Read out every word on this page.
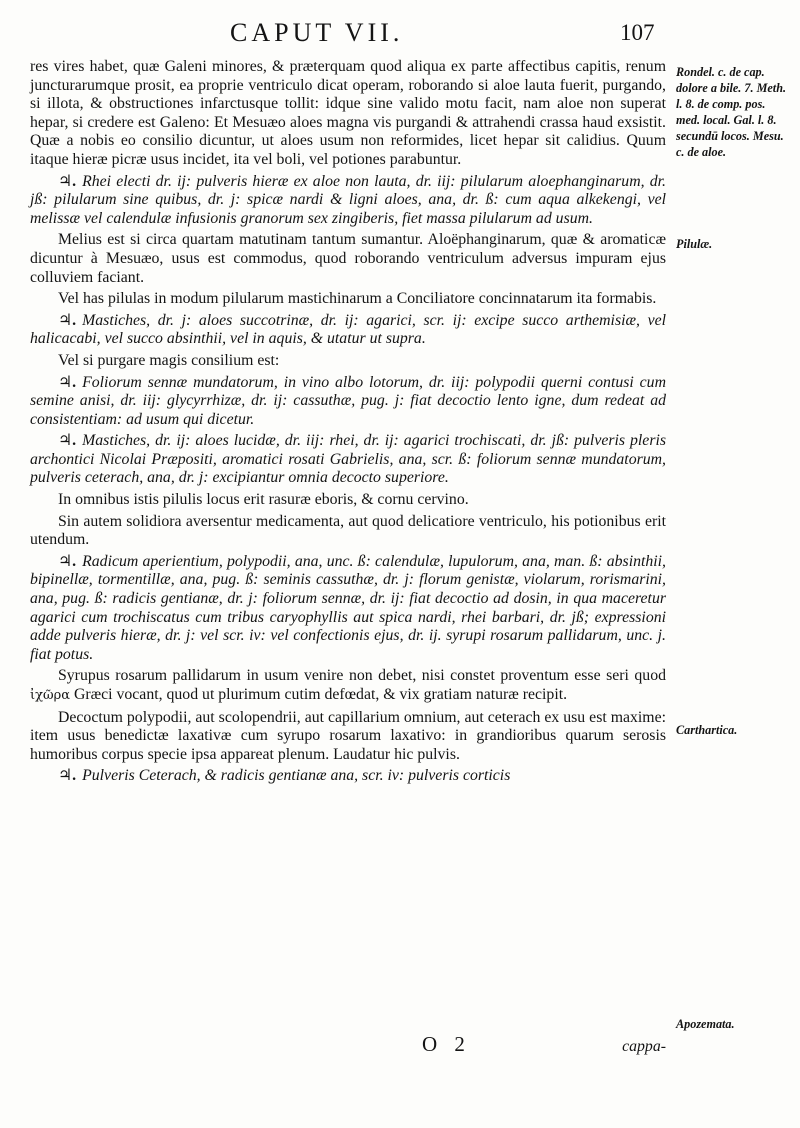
CAPUT VII.	107

res vires habet, quæ Galeni minores, & præterquam quod aliqua ex parte affectibus capitis, renum juncturarumque prosit, ea proprie ventriculo dicat operam, roborando si aloe lauta fuerit, purgando, si illota, & obstructiones infarctusque tollit: idque sine valido motu facit, nam aloe non superat hepar, si credere est Galeno: Et Mesuæo aloes magna vis purgandi & attrahendi crassa haud exsistit. Quæ a nobis eo consilio dicuntur, ut aloes usum non reformides, licet hepar sit calidius. Quum itaque hieræ picræ usus incidet, ita vel boli, vel potiones parabuntur.

♃. Rhei electi dr. ij: pulveris hieræ ex aloe non lauta, dr. iij: pilularum aloephanginarum, dr. jß: pilularum sine quibus, dr. j: spicæ nardi & ligni aloes, ana, dr. ß: cum aqua alkekengi, vel melissæ vel calendulæ infusionis granorum sex zingiberis, fiet massa pilularum ad usum.

Melius est si circa quartam matutinam tantum sumantur. Aloëphanginarum, quæ & aromaticæ dicuntur à Mesuæo, usus est commodus, quod roborando ventriculum adversus impuram ejus colluviem faciant.

Vel has pilulas in modum pilularum mastichinarum a Conciliatore concinnatarum ita formabis.

♃. Mastiches, dr. j: aloes succotrinæ, dr. ij: agarici, scr. ij: excipe succo arthemisiæ, vel halicacabi, vel succo absinthii, vel in aquis, & utatur ut supra.

Vel si purgare magis consilium est:

♃. Foliorum sennæ mundatorum, in vino albo lotorum, dr. iij: polypodii querni contusi cum semine anisi, dr. iij: glycyrrhizæ, dr. ij: cassuthæ, pug. j: fiat decoctio lento igne, dum redeat ad consistentiam: ad usum qui dicetur.

♃. Mastiches, dr. ij: aloes lucidæ, dr. iij: rhei, dr. ij: agarici trochiscati, dr. jß: pulveris pleris archontici Nicolai Præpositi, aromatici rosati Gabrielis, ana, scr. ß: foliorum sennæ mundatorum, pulveris ceterach, ana, dr. j: excipiantur omnia decocto superiore.

In omnibus istis pilulis locus erit rasuræ eboris, & cornu cervino.

Sin autem solidiora aversentur medicamenta, aut quod delicatiore ventriculo, his potionibus erit utendum.

♃. Radicum aperientium, polypodii, ana, unc. ß: calendulæ, lupulorum, ana, man. ß: absinthii, bipinellæ, tormentillæ, ana, pug. ß: seminis cassuthæ, dr. j: florum genistæ, violarum, rorismarini, ana, pug. ß: radicis gentianæ, dr. j: foliorum sennæ, dr. ij: fiat decoctio ad dosin, in qua maceretur agarici cum trochiscatus cum tribus caryophyllis aut spica nardi, rhei barbari, dr. jß; expressioni adde pulveris hieræ, dr. j: vel scr. iv: vel confectionis ejus, dr. ij. syrupi rosarum pallidarum, unc. j. fiat potus.

Syrupus rosarum pallidarum in usum venire non debet, nisi constet proventum esse seri quod ἰχῶρα Græci vocant, quod ut plurimum cutim defœdat, & vix gratiam naturæ recipit.

Decoctum polypodii, aut scolopendrii, aut capillarium omnium, aut ceterach ex usu est maxime: item usus benedictæ laxativæ cum syrupo rosarum laxativo: in grandioribus quarum serosis humoribus corpus specie ipsa appareat plenum. Laudatur hic pulvis.

♃. Pulveris Ceterach, & radicis gentianæ ana, scr. iv: pulveris corticis

Rondel. c. de cap. dolore a bile. 7. Meth. l. 8. de comp. pos. med. local. Gal. l. 8. secundū locos. Mesu. c. de aloe.
Pilulæ.
Carthartica.
Apozemata.
O 2	cappa-
